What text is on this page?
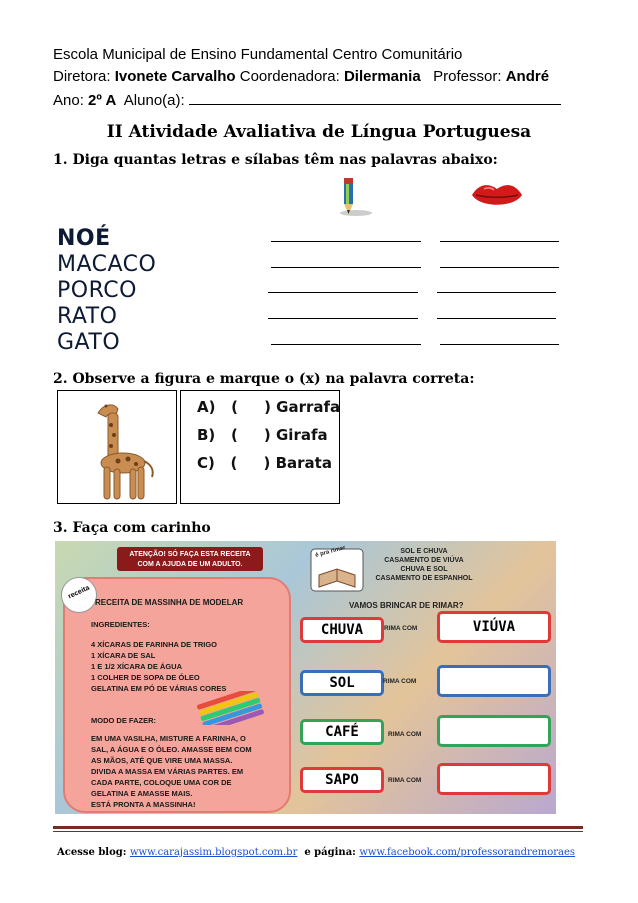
Escola Municipal de Ensino Fundamental Centro Comunitário
Diretora: Ivonete Carvalho Coordenadora: Dilermania   Professor: André
Ano: 2º A  Aluno(a):
II Atividade Avaliativa de Língua Portuguesa
1. Diga quantas letras e sílabas têm nas palavras abaixo:
NOÉ
MACACO
PORCO
RATO
GATO
2. Observe a figura e marque o (x) na palavra correta:
A)   (     ) Garrafa
B)   (     ) Girafa
C)   (     ) Barata
3. Faça com carinho
ATENÇÃO! SÓ FAÇA ESTA RECEITA
COM A AJUDA DE UM ADULTO.
receita
RECEITA DE MASSINHA DE MODELAR
INGREDIENTES:
4 XÍCARAS DE FARINHA DE TRIGO
1 XÍCARA DE SAL
1 E 1/2 XÍCARA DE ÁGUA
1 COLHER DE SOPA DE ÓLEO
GELATINA EM PÓ DE VÁRIAS CORES
MODO DE FAZER:
EM UMA VASILHA, MISTURE A FARINHA, O
SAL, A ÁGUA E O ÓLEO. AMASSE BEM COM
AS MÃOS, ATÉ QUE VIRE UMA MASSA.
DIVIDA A MASSA EM VÁRIAS PARTES. EM
CADA PARTE, COLOQUE UMA COR DE
GELATINA E AMASSE MAIS.
ESTÁ PRONTA A MASSINHA!
é pra rimar	SOL E CHUVA
CASAMENTO DE VIÚVA
CHUVA E SOL
CASAMENTO DE ESPANHOL
VAMOS BRINCAR DE RIMAR?
CHUVA	RIMA COM	VIÚVA
SOL	RIMA COM
CAFÉ	RIMA COM
SAPO	RIMA COM
Acesse blog: www.carajassim.blogspot.com.br  e página: www.facebook.com/professorandremoraes
